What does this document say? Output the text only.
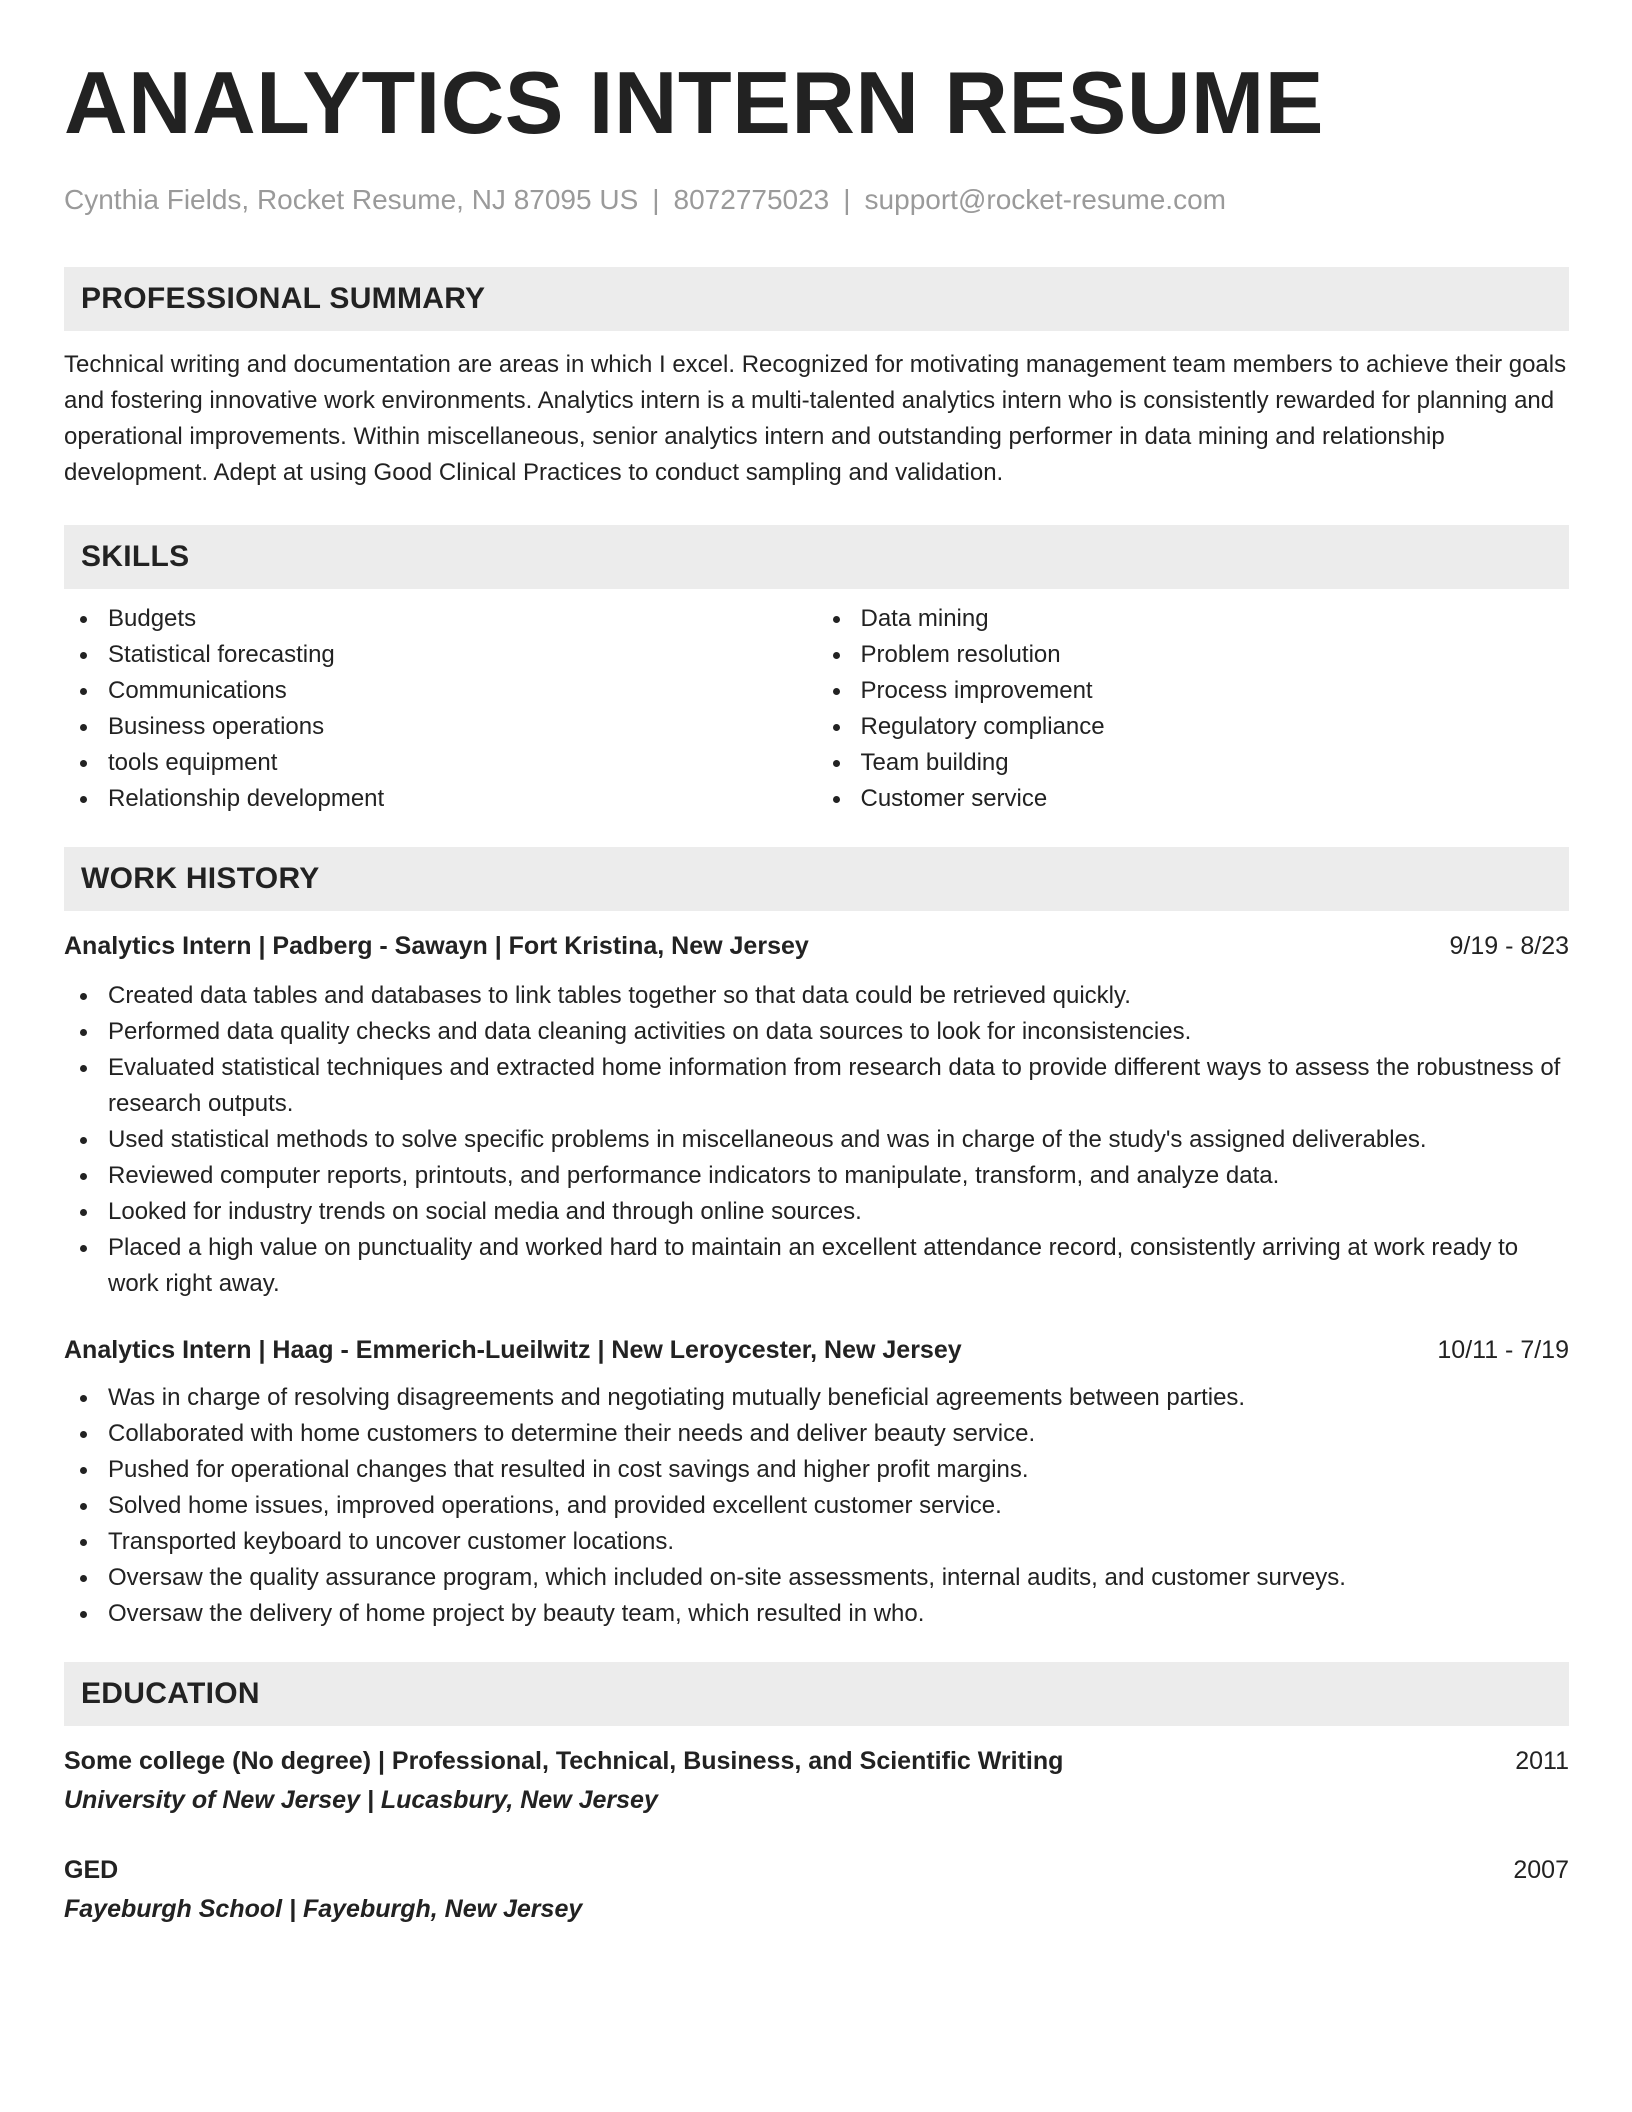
ANALYTICS INTERN RESUME
Cynthia Fields, Rocket Resume, NJ 87095 US | 8072775023 | support@rocket-resume.com
PROFESSIONAL SUMMARY

Technical writing and documentation are areas in which I excel. Recognized for motivating management team members to achieve their goals and fostering innovative work environments. Analytics intern is a multi-talented analytics intern who is consistently rewarded for planning and operational improvements. Within miscellaneous, senior analytics intern and outstanding performer in data mining and relationship development. Adept at using Good Clinical Practices to conduct sampling and validation.

SKILLS
Budgets
Statistical forecasting
Communications
Business operations
tools equipment
Relationship development
Data mining
Problem resolution
Process improvement
Regulatory compliance
Team building
Customer service
WORK HISTORY
Analytics Intern | Padberg - Sawayn | Fort Kristina, New Jersey	9/19 - 8/23
Created data tables and databases to link tables together so that data could be retrieved quickly.
Performed data quality checks and data cleaning activities on data sources to look for inconsistencies.
Evaluated statistical techniques and extracted home information from research data to provide different ways to assess the robustness of research outputs.
Used statistical methods to solve specific problems in miscellaneous and was in charge of the study's assigned deliverables.
Reviewed computer reports, printouts, and performance indicators to manipulate, transform, and analyze data.
Looked for industry trends on social media and through online sources.
Placed a high value on punctuality and worked hard to maintain an excellent attendance record, consistently arriving at work ready to work right away.
Analytics Intern | Haag - Emmerich-Lueilwitz | New Leroycester, New Jersey	10/11 - 7/19
Was in charge of resolving disagreements and negotiating mutually beneficial agreements between parties.
Collaborated with home customers to determine their needs and deliver beauty service.
Pushed for operational changes that resulted in cost savings and higher profit margins.
Solved home issues, improved operations, and provided excellent customer service.
Transported keyboard to uncover customer locations.
Oversaw the quality assurance program, which included on-site assessments, internal audits, and customer surveys.
Oversaw the delivery of home project by beauty team, which resulted in who.
EDUCATION
Some college (No degree) | Professional, Technical, Business, and Scientific Writing	2011
University of New Jersey | Lucasbury, New Jersey
GED	2007
Fayeburgh School | Fayeburgh, New Jersey
